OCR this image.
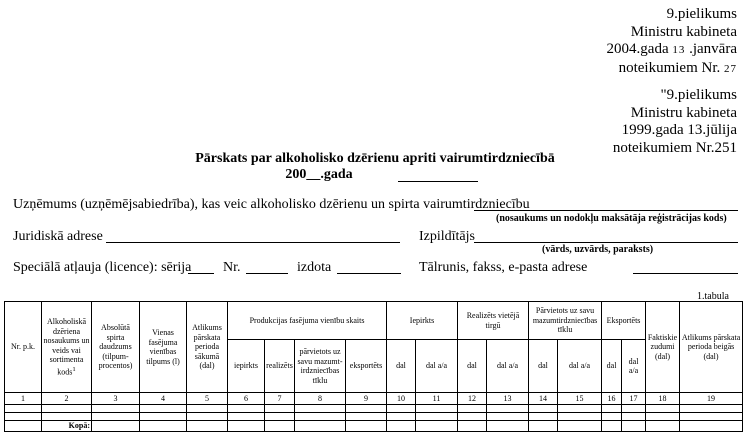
9.pielikums
Ministru kabineta
2004.gada 13 .janvāra
noteikumiem Nr. 27
"9.pielikums
Ministru kabineta
1999.gada 13.jūlija
noteikumiem Nr.251
Pārskats par alkoholisko dzērienu apriti vairumtirdzniecībā
200__.gada
Uzņēmums (uzņēmējsabiedrība), kas veic alkoholisko dzērienu un spirta vairumtirdzniecību
(nosaukums un nodokļu maksātāja reģistrācijas kods)
Juridiskā adrese	Izpildītājs
(vārds, uzvārds, paraksts)
Speciālā atļauja (licence): sērija Nr.	izdota	Tālrunis, fakss, e-pasta adrese
1.tabula
Nr. p.k.	Alkoholiskā dzēriena nosaukums un veids vai sortimenta kods$^1$	Absolūtā spirta daudzums (tilpumprocentos)	Vienas fasējuma vienības tilpums (l)	Atlikums pārskata perioda sākumā (dal)	Produkcijas fasējuma vienību skaits				Iepirkts		Realizēts vietējā tirgū		Pārvietots uz savu mazumtirdzniecības tīklu		Eksportēts		Faktiskie zudumi (dal)	Atlikums pārskata perioda beigās (dal)
					iepirkts	realizēts	pārvietots uz savu mazumtirdzniecības tīklu	eksportēts	dal	dal a/a	dal	dal a/a	dal	dal a/a	dal	dal a/a		
1	2	3	4	5	6	7	8	9	10	11	12	13	14	15	16	17	18	19

	Kopā:																	
